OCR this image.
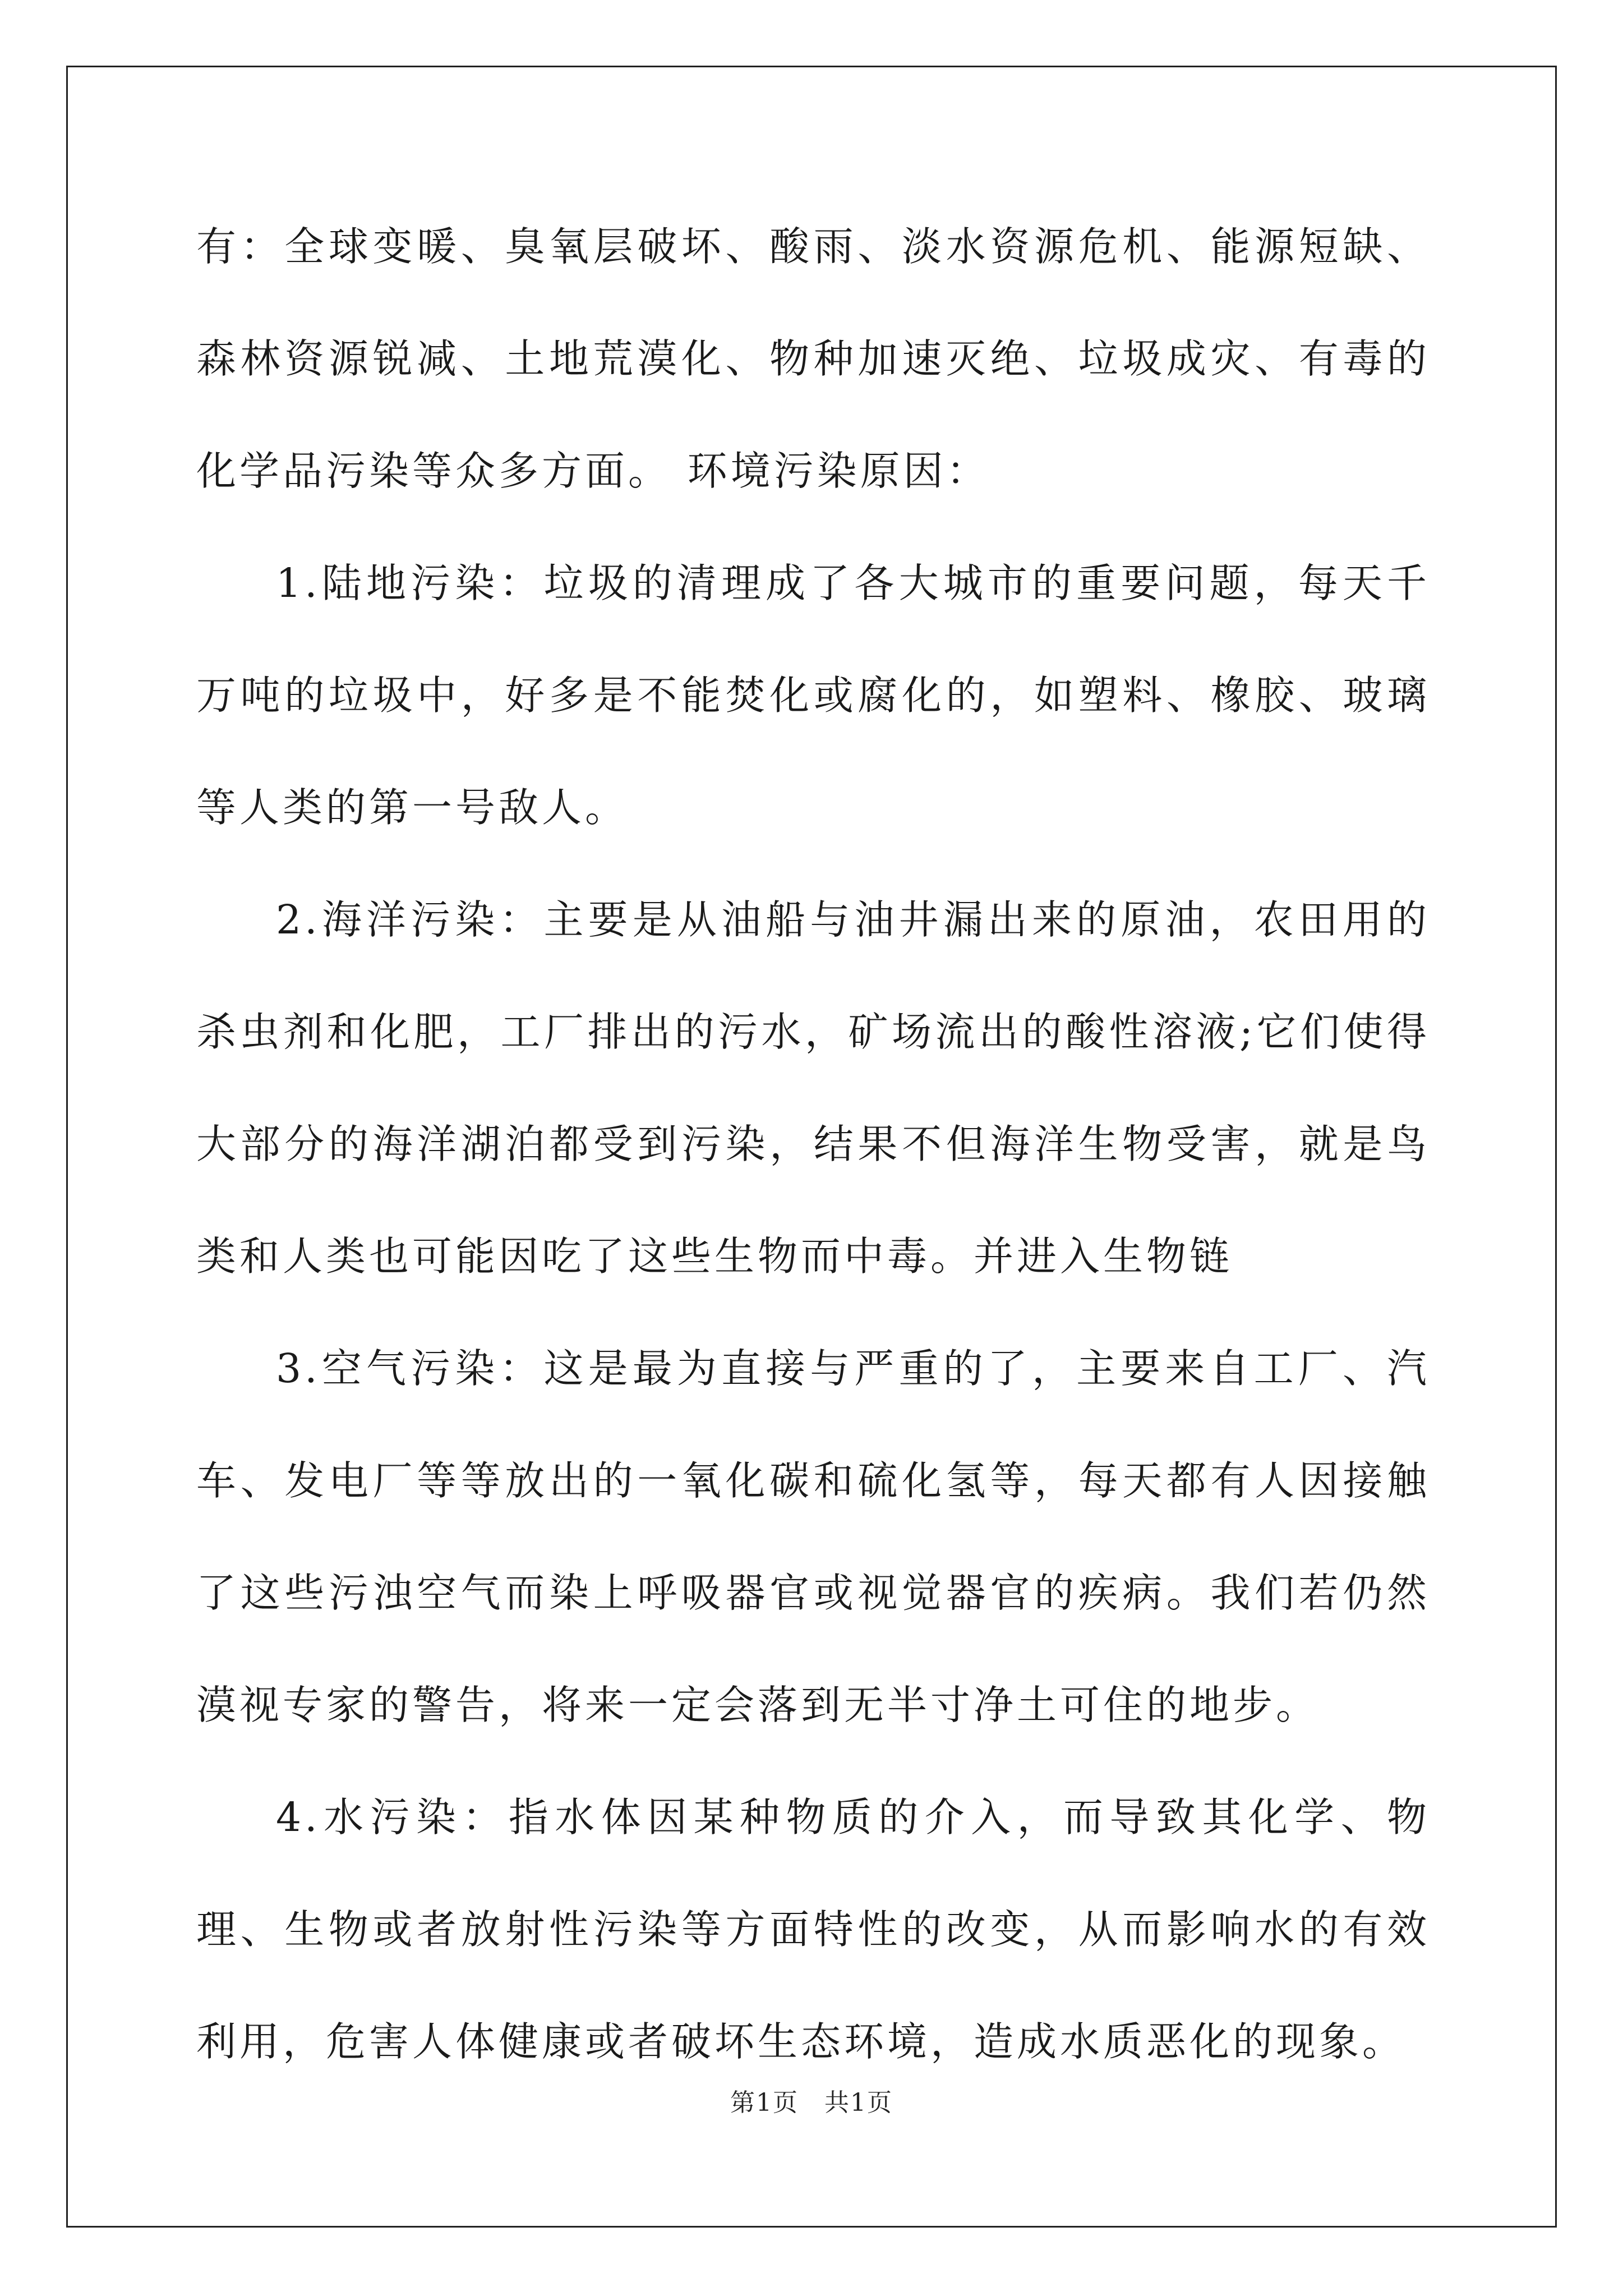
有：全球变暖、臭氧层破坏、酸雨、淡水资源危机、能源短缺、森林资源锐减、土地荒漠化、物种加速灭绝、垃圾成灾、有毒的化学品污染等众多方面。 环境污染原因：

1.陆地污染：垃圾的清理成了各大城市的重要问题，每天千万吨的垃圾中，好多是不能焚化或腐化的，如塑料、橡胶、玻璃等人类的第一号敌人。

2.海洋污染：主要是从油船与油井漏出来的原油，农田用的杀虫剂和化肥，工厂排出的污水，矿场流出的酸性溶液;它们使得大部分的海洋湖泊都受到污染，结果不但海洋生物受害，就是鸟类和人类也可能因吃了这些生物而中毒。并进入生物链

3.空气污染：这是最为直接与严重的了，主要来自工厂、汽车、发电厂等等放出的一氧化碳和硫化氢等，每天都有人因接触了这些污浊空气而染上呼吸器官或视觉器官的疾病。我们若仍然漠视专家的警告，将来一定会落到无半寸净土可住的地步。

4.水污染：指水体因某种物质的介入，而导致其化学、物理、生物或者放射性污染等方面特性的改变，从而影响水的有效利用，危害人体健康或者破坏生态环境，造成水质恶化的现象。

第1页　共1页
